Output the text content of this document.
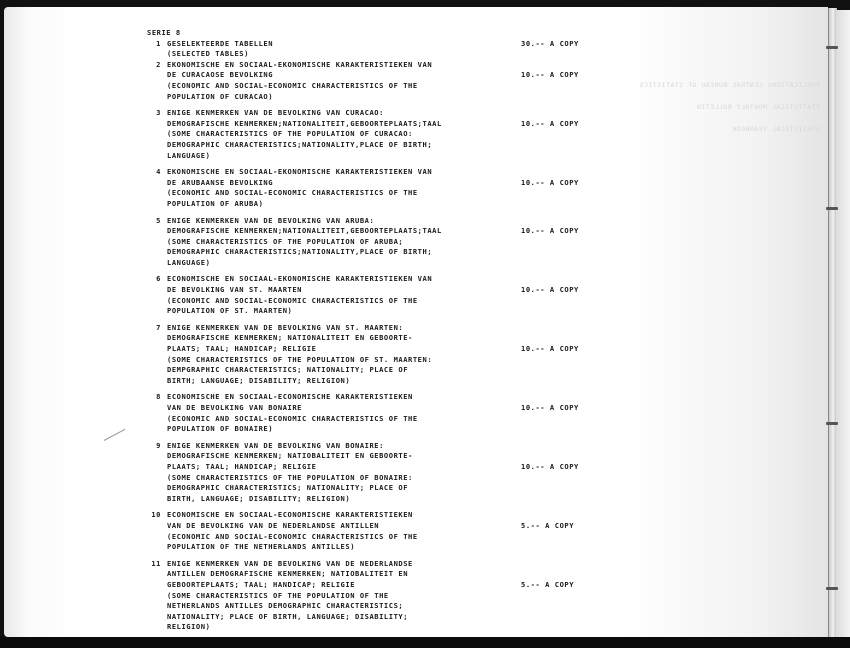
PUBLICATIONS CENTRAL BUREAU OF STATISTICS
STATISTICAL MONTHLY BULLETIN
STATISTICAL YEARBOOK
SERIE 8
1 GESELEKTEERDE TABELLEN
(SELECTED TABLES)
30.-- A COPY
2 EKONOMISCHE EN SOCIAAL-EKONOMISCHE KARAKTERISTIEKEN VAN
DE CURACAOSE BEVOLKING
(ECONOMIC AND SOCIAL-ECONOMIC CHARACTERISTICS OF THE
POPULATION OF CURACAO)
10.-- A COPY
3 ENIGE KENMERKEN VAN DE BEVOLKING VAN CURACAO:
DEMOGRAFISCHE KENMERKEN;NATIONALITEIT,GEBOORTEPLAATS;TAAL
(SOME CHARACTERISTICS OF THE POPULATION OF CURACAO:
DEMOGRAPHIC CHARACTERISTICS;NATIONALITY,PLACE OF BIRTH;
LANGUAGE)
10.-- A COPY
4 EKONOMISCHE EN SOCIAAL-EKONOMISCHE KARAKTERISTIEKEN VAN
DE ARUBAANSE BEVOLKING
(ECONOMIC AND SOCIAL-ECONOMIC CHARACTERISTICS OF THE
POPULATION OF ARUBA)
10.-- A COPY
5 ENIGE KENMERKEN VAN DE BEVOLKING VAN ARUBA:
DEMOGRAFISCHE KENMERKEN;NATIONALITEIT,GEBOORTEPLAATS;TAAL
(SOME CHARACTERISTICS OF THE POPULATION OF ARUBA;
DEMOGRAPHIC CHARACTERISTICS;NATIONALITY,PLACE OF BIRTH;
LANGUAGE)
10.-- A COPY
6 ECONOMISCHE EN SOCIAAL-EKONOMISCHE KARAKTERISTIEKEN VAN
DE BEVOLKING VAN ST. MAARTEN
(ECONOMIC AND SOCIAL-ECONOMIC CHARACTERISTICS OF THE
POPULATION OF ST. MAARTEN)
10.-- A COPY
7 ENIGE KENMERKEN VAN DE BEVOLKING VAN ST. MAARTEN:
DEMOGRAFISCHE KENMERKEN; NATIONALITEIT EN GEBOORTE-
PLAATS; TAAL; HANDICAP; RELIGIE
(SOME CHARACTERISTICS OF THE POPULATION OF ST. MAARTEN:
DEMPGRAPHIC CHARACTERISTICS; NATIONALITY; PLACE OF
BIRTH; LANGUAGE; DISABILITY; RELIGION)
10.-- A COPY
8 ECONOMISCHE EN SOCIAAL-ECONOMISCHE KARAKTERISTIEKEN
VAN DE BEVOLKING VAN BONAIRE
(ECONOMIC AND SOCIAL-ECONOMIC CHARACTERISTICS OF THE
POPULATION OF BONAIRE)
10.-- A COPY
9 ENIGE KENMERKEN VAN DE BEVOLKING VAN BONAIRE:
DEMOGRAFISCHE KENMERKEN; NATIOBALITEIT EN GEBOORTE-
PLAATS; TAAL; HANDICAP; RELIGIE
(SOME CHARACTERISTICS OF THE POPULATION OF BONAIRE:
DEMOGRAPHIC CHARACTERISTICS; NATIONALITY; PLACE OF
BIRTH, LANGUAGE; DISABILITY; RELIGION)
10.-- A COPY
10 ECONOMISCHE EN SOCIAAL-ECONOMISCHE KARAKTERISTIEKEN
VAN DE BEVOLKING VAN DE NEDERLANDSE ANTILLEN
(ECONOMIC AND SOCIAL-ECONOMIC CHARACTERISTICS OF THE
POPULATION OF THE NETHERLANDS ANTILLES)
5.-- A COPY
11 ENIGE KENMERKEN VAN DE BEVOLKING VAN DE NEDERLANDSE
ANTILLEN DEMOGRAFISCHE KENMERKEN; NATIOBALITEIT EN
GEBOORTEPLAATS; TAAL; HANDICAP; RELIGIE
(SOME CHARACTERISTICS OF THE POPULATION OF THE
NETHERLANDS ANTILLES DEMOGRAPHIC CHARACTERISTICS;
NATIONALITY; PLACE OF BIRTH, LANGUAGE; DISABILITY;
RELIGION)
5.-- A COPY
